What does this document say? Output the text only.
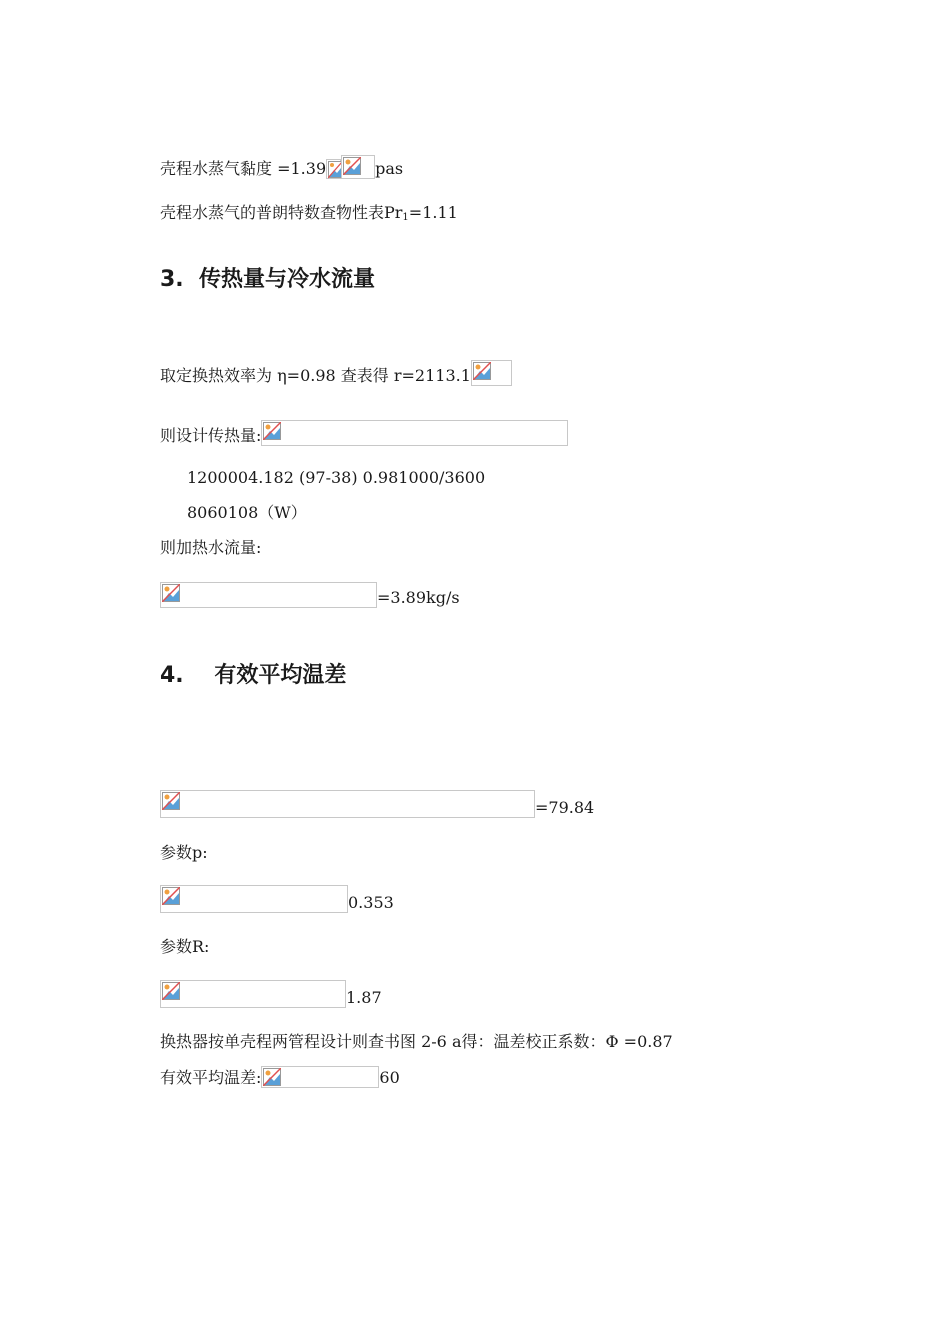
壳程水蒸气黏度 =1.39	pas
壳程水蒸气的普朗特数查物性表$Pr_1 =1.11$
3. 传热量与冷水流量
取定换热效率为 η=0.98 查表得 r=2113.1
则设计传热量:
1200004.182 (97-38) 0.981000/3600
8060108（W）
则加热水流量:
=3.89kg/s
4. 有效平均温差
=79.84
参数p:
0.353
参数R:
1.87
换热器按单壳程两管程设计则查书图 2-6 a得：温差校正系数：Φ =0.87
有效平均温差:	60
